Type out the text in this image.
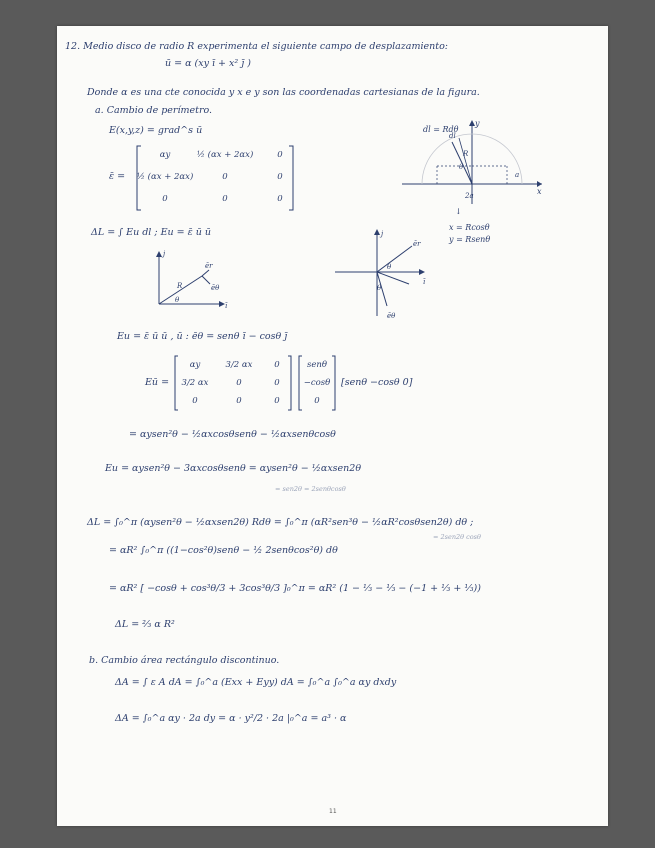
12. Medio disco de radio R experimenta el siguiente campo de desplazamiento:
ū = α (xy ī + x² j̄ )
Donde α es una cte conocida y x e y son las coordenadas cartesianas de la figura.
a. Cambio de perímetro.
E(x,y,z) = grad^s ū
ε̄ =
αy	½ (αx + 2αx)	0
½ (αx + 2αx)	0	0
0	0	0
y
x
R
a
2a
dl
θ
dl = Rdθ
↓
x = Rcosθ
y = Rsenθ
ΔL = ∫ Eu dl ; Eu = ε̄ ū ū
j
R
θ
ēr
ēθ
ī
j
ī
ēr
ēθ
θ
θ
Eu = ε̄ ū ū , ū : ēθ = senθ ī − cosθ j̄
Eū =
αy	3/2 αx	0
3/2 αx	0	0
0	0	0
senθ
−cosθ
0
[senθ −cosθ 0]
= αysen²θ − ½αxcosθsenθ − ½αxsenθcosθ
Eu = αysen²θ − 3αxcosθsenθ = αysen²θ − ½αxsen2θ
= sen2θ = 2senθcosθ
ΔL = ∫₀^π (αysen²θ − ½αxsen2θ) Rdθ = ∫₀^π (αR²sen³θ − ½αR²cosθsen2θ) dθ ;
= 2sen2θ cosθ
= αR² ∫₀^π ((1−cos²θ)senθ − ½ 2senθcos²θ) dθ
= αR² [ −cosθ + cos³θ/3 + 3cos³θ/3 ]₀^π = αR² (1 − ⅓ − ⅓ − (−1 + ⅓ + ⅓))
ΔL = ⅔ α R²
b. Cambio área rectángulo discontinuo.
ΔA = ∫ ε A dA = ∫₀^a (Exx + Eyy) dA = ∫₀^a ∫₀^a αy dxdy
ΔA = ∫₀^a αy · 2a dy = α · y²/2 · 2a |₀^a = a³ · α
11
